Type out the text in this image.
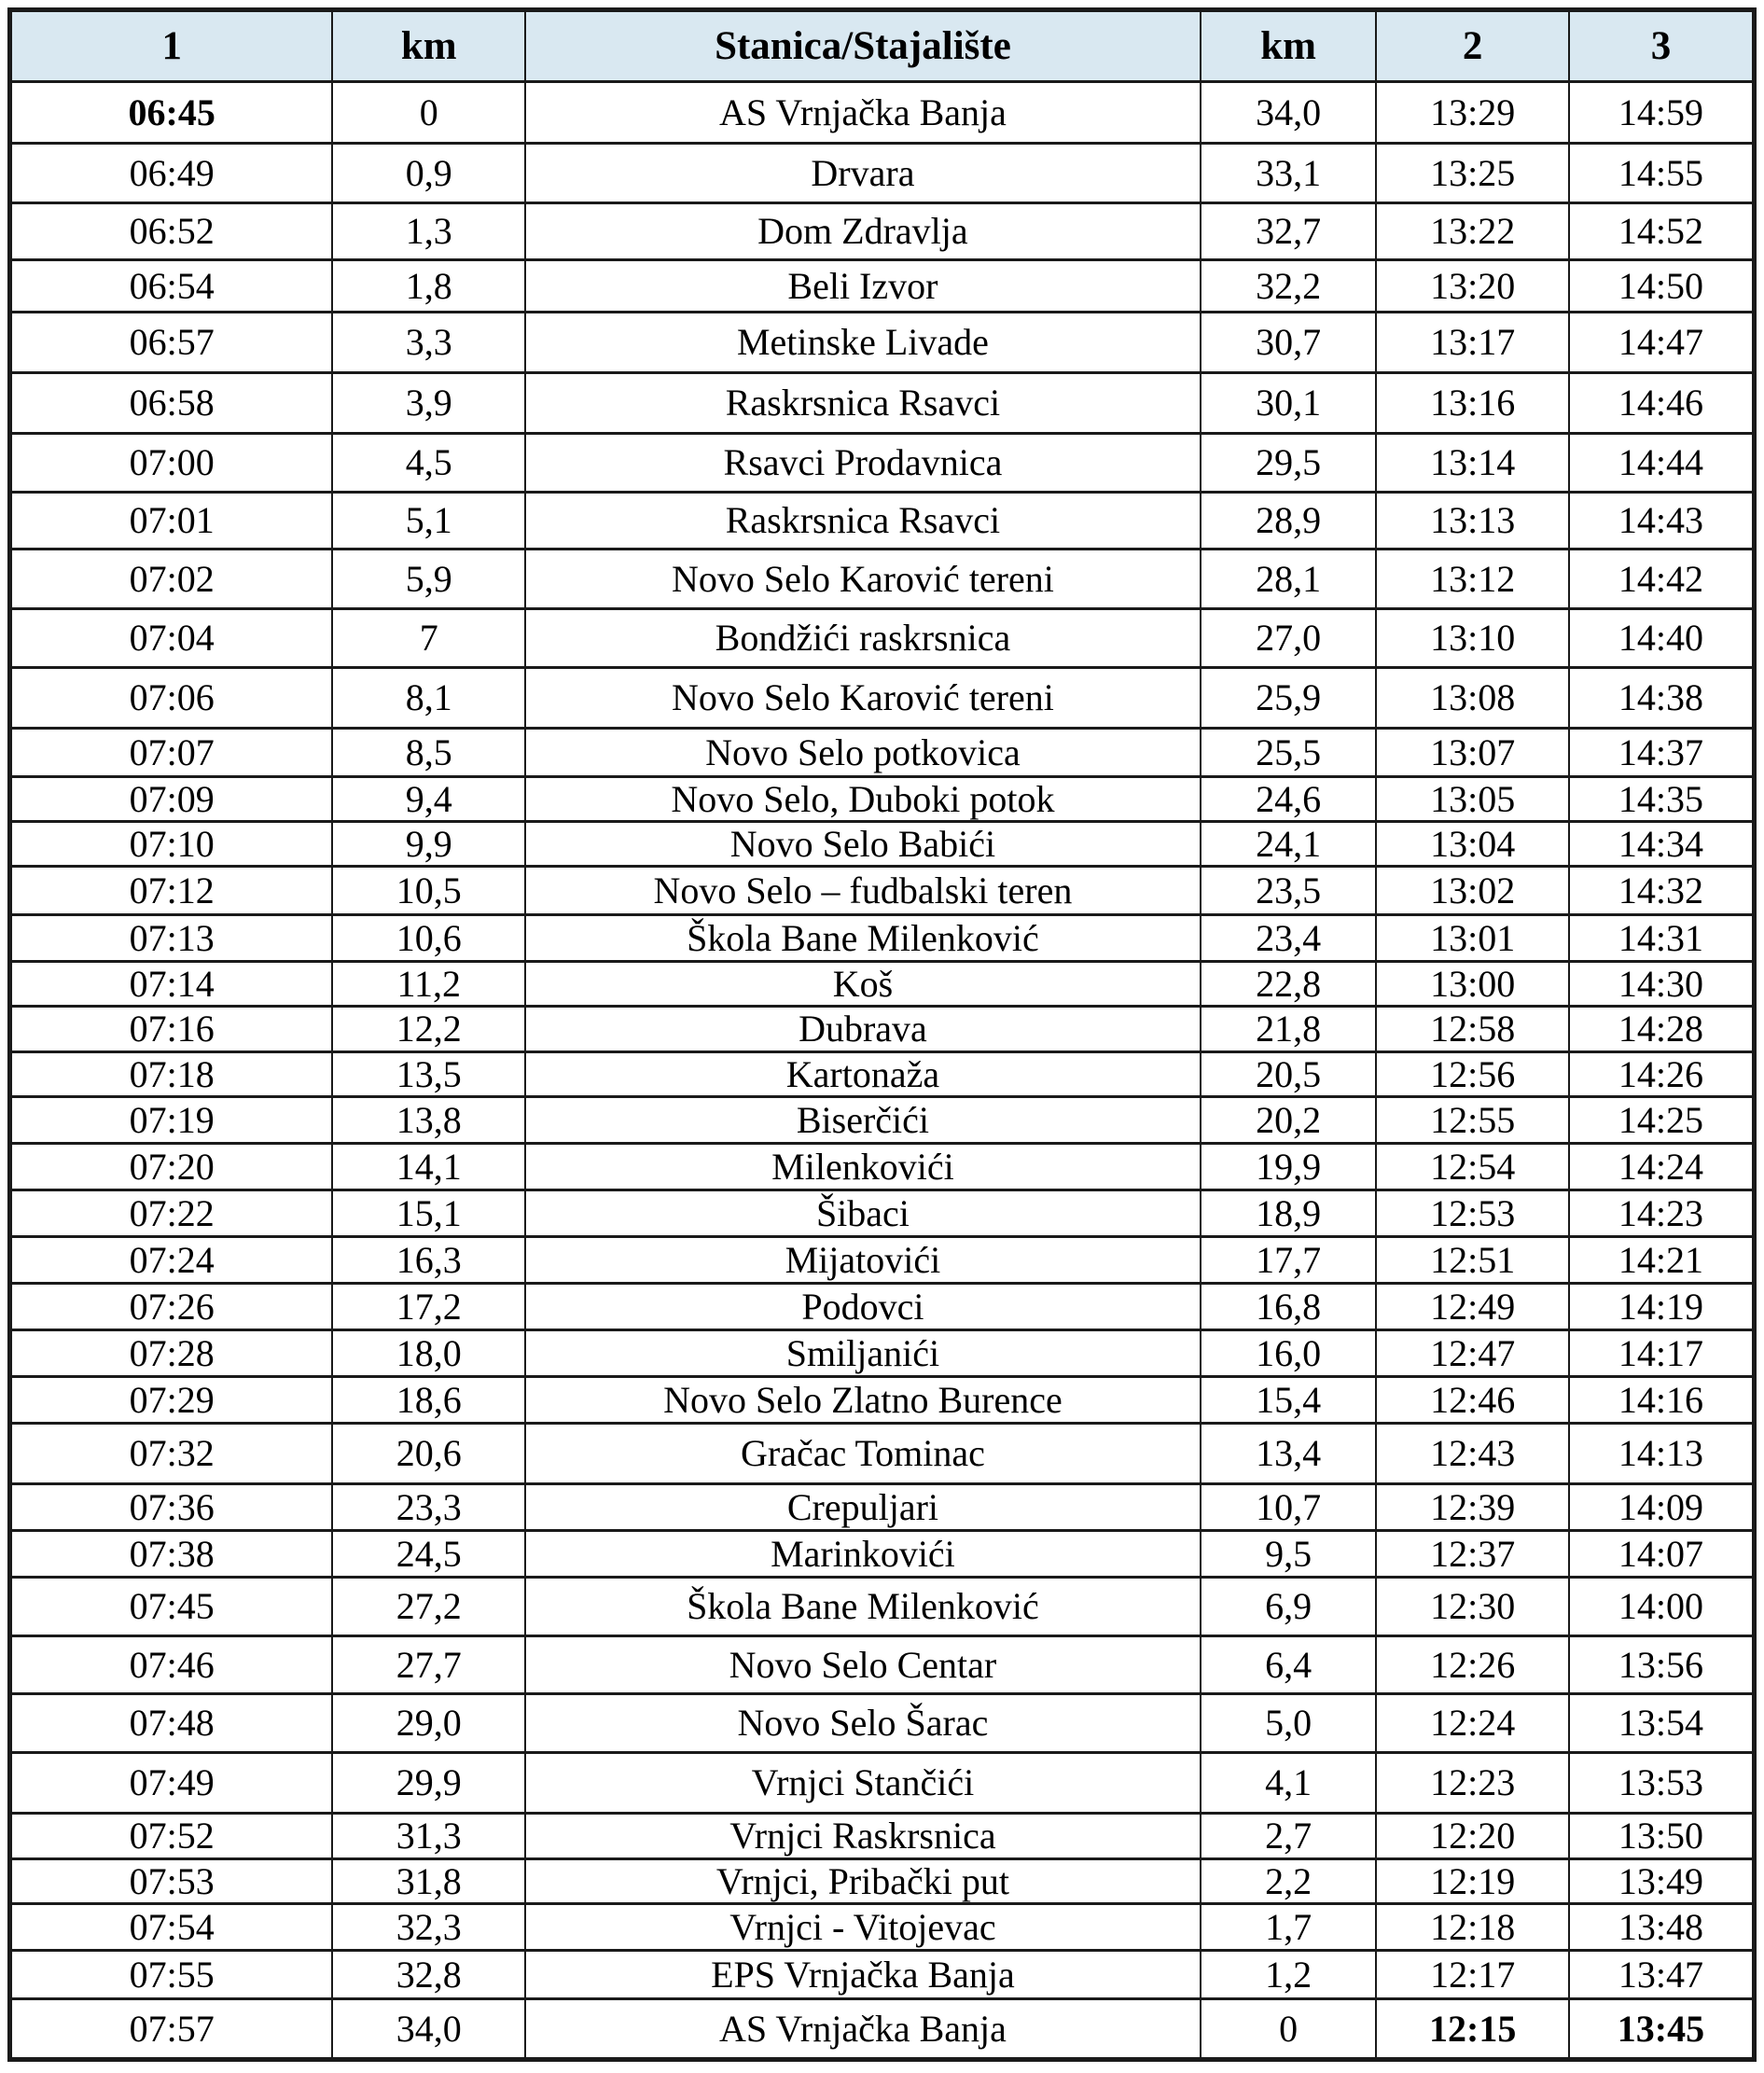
1	km	Stanica/Stajalište	km	2	3
06:45	0	AS Vrnjačka Banja	34,0	13:29	14:59
06:49	0,9	Drvara	33,1	13:25	14:55
06:52	1,3	Dom Zdravlja	32,7	13:22	14:52
06:54	1,8	Beli Izvor	32,2	13:20	14:50
06:57	3,3	Metinske Livade	30,7	13:17	14:47
06:58	3,9	Raskrsnica Rsavci	30,1	13:16	14:46
07:00	4,5	Rsavci Prodavnica	29,5	13:14	14:44
07:01	5,1	Raskrsnica Rsavci	28,9	13:13	14:43
07:02	5,9	Novo Selo Karović tereni	28,1	13:12	14:42
07:04	7	Bondžići raskrsnica	27,0	13:10	14:40
07:06	8,1	Novo Selo Karović tereni	25,9	13:08	14:38
07:07	8,5	Novo Selo potkovica	25,5	13:07	14:37
07:09	9,4	Novo Selo, Duboki potok	24,6	13:05	14:35
07:10	9,9	Novo Selo Babići	24,1	13:04	14:34
07:12	10,5	Novo Selo – fudbalski teren	23,5	13:02	14:32
07:13	10,6	Škola Bane Milenković	23,4	13:01	14:31
07:14	11,2	Koš	22,8	13:00	14:30
07:16	12,2	Dubrava	21,8	12:58	14:28
07:18	13,5	Kartonaža	20,5	12:56	14:26
07:19	13,8	Biserčići	20,2	12:55	14:25
07:20	14,1	Milenkovići	19,9	12:54	14:24
07:22	15,1	Šibaci	18,9	12:53	14:23
07:24	16,3	Mijatovići	17,7	12:51	14:21
07:26	17,2	Podovci	16,8	12:49	14:19
07:28	18,0	Smiljanići	16,0	12:47	14:17
07:29	18,6	Novo Selo Zlatno Burence	15,4	12:46	14:16
07:32	20,6	Gračac Tominac	13,4	12:43	14:13
07:36	23,3	Crepuljari	10,7	12:39	14:09
07:38	24,5	Marinkovići	9,5	12:37	14:07
07:45	27,2	Škola Bane Milenković	6,9	12:30	14:00
07:46	27,7	Novo Selo Centar	6,4	12:26	13:56
07:48	29,0	Novo Selo Šarac	5,0	12:24	13:54
07:49	29,9	Vrnjci Stančići	4,1	12:23	13:53
07:52	31,3	Vrnjci Raskrsnica	2,7	12:20	13:50
07:53	31,8	Vrnjci, Pribački put	2,2	12:19	13:49
07:54	32,3	Vrnjci - Vitojevac	1,7	12:18	13:48
07:55	32,8	EPS Vrnjačka Banja	1,2	12:17	13:47
07:57	34,0	AS Vrnjačka Banja	0	12:15	13:45
